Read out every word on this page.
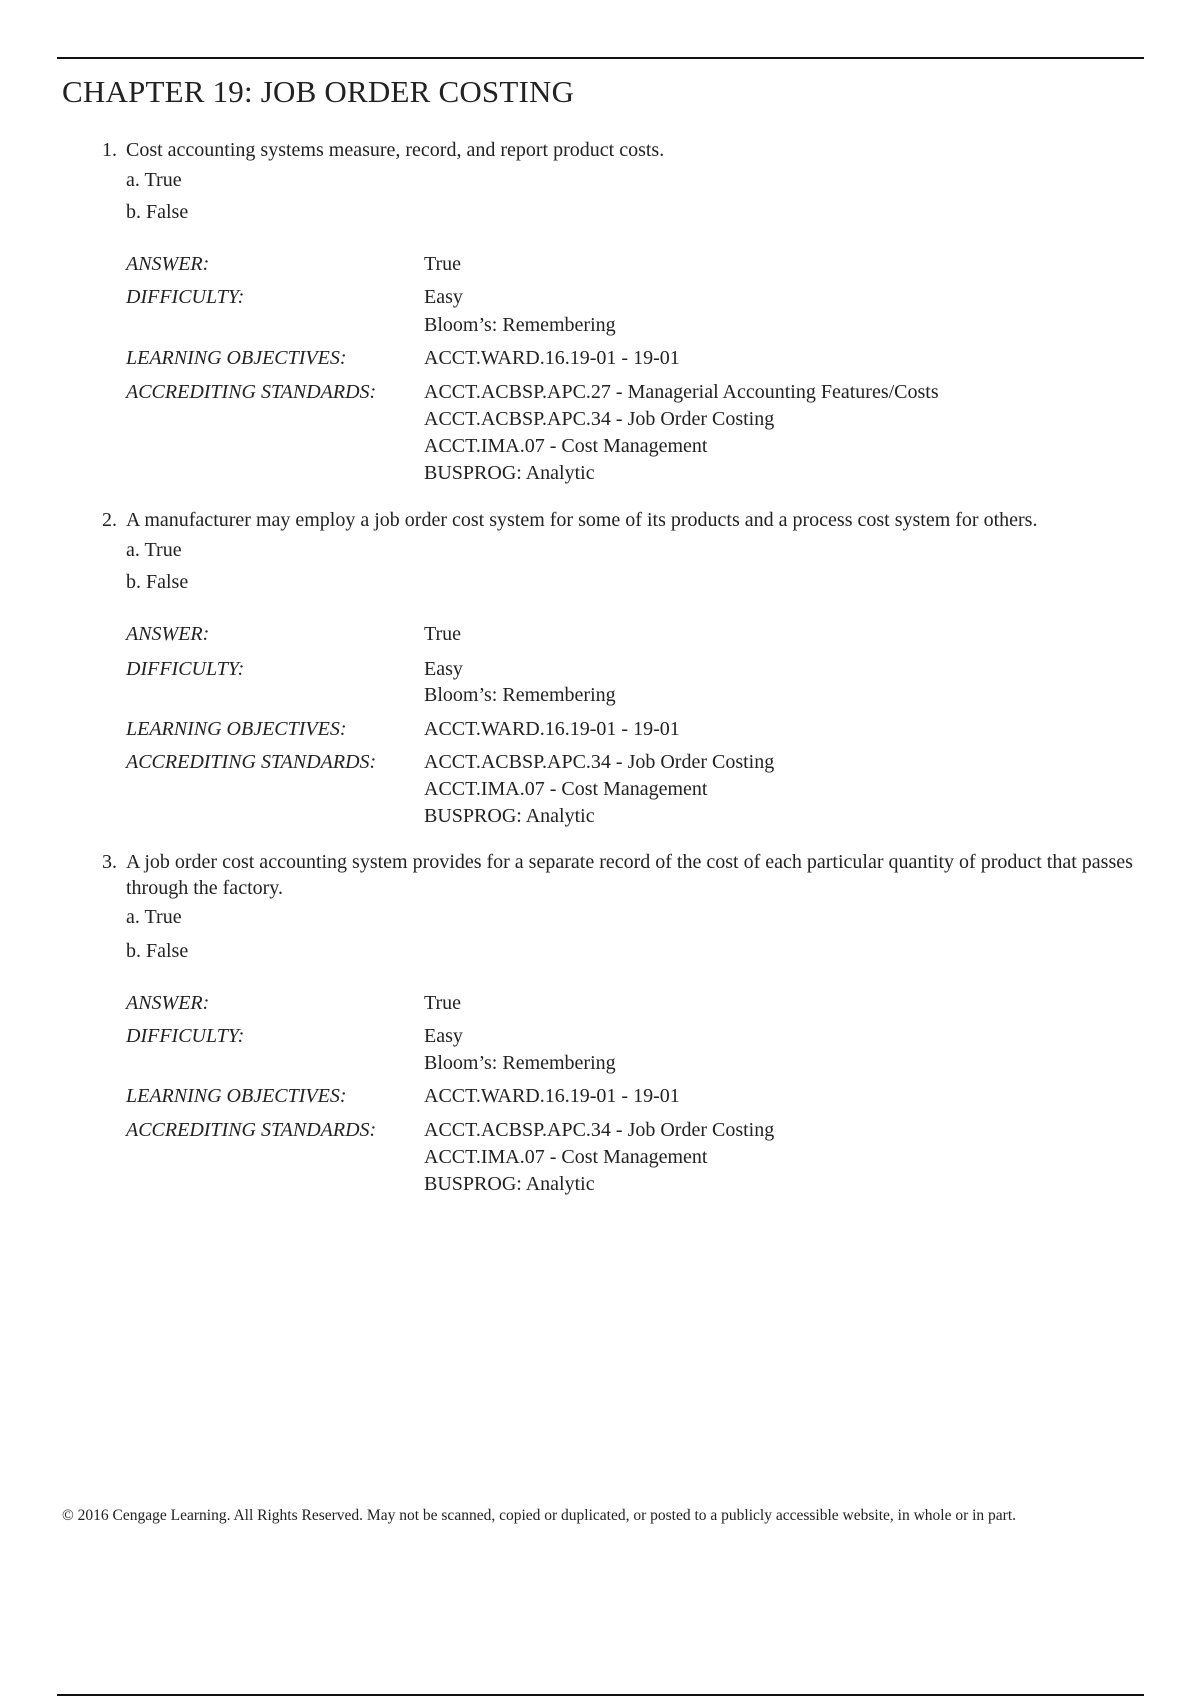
CHAPTER 19: JOB ORDER COSTING
1. Cost accounting systems measure, record, and report product costs.
a. True
b. False
ANSWER:	True
DIFFICULTY:	Easy
Bloom’s: Remembering
LEARNING OBJECTIVES:	ACCT.WARD.16.19-01 - 19-01
ACCREDITING STANDARDS: ACCT.ACBSP.APC.27 - Managerial Accounting Features/Costs
ACCT.ACBSP.APC.34 - Job Order Costing
ACCT.IMA.07 - Cost Management
BUSPROG: Analytic
2. A manufacturer may employ a job order cost system for some of its products and a process cost system for others.
a. True
b. False
ANSWER:	True
DIFFICULTY:	Easy
Bloom’s: Remembering
LEARNING OBJECTIVES:	ACCT.WARD.16.19-01 - 19-01
ACCREDITING STANDARDS: ACCT.ACBSP.APC.34 - Job Order Costing
ACCT.IMA.07 - Cost Management
BUSPROG: Analytic
3. A job order cost accounting system provides for a separate record of the cost of each particular quantity of product that passes through the factory.
a. True
b. False
ANSWER:	True
DIFFICULTY:	Easy
Bloom’s: Remembering
LEARNING OBJECTIVES:	ACCT.WARD.16.19-01 - 19-01
ACCREDITING STANDARDS: ACCT.ACBSP.APC.34 - Job Order Costing
ACCT.IMA.07 - Cost Management
BUSPROG: Analytic
© 2016 Cengage Learning. All Rights Reserved. May not be scanned, copied or duplicated, or posted to a publicly accessible website, in whole or in part.
